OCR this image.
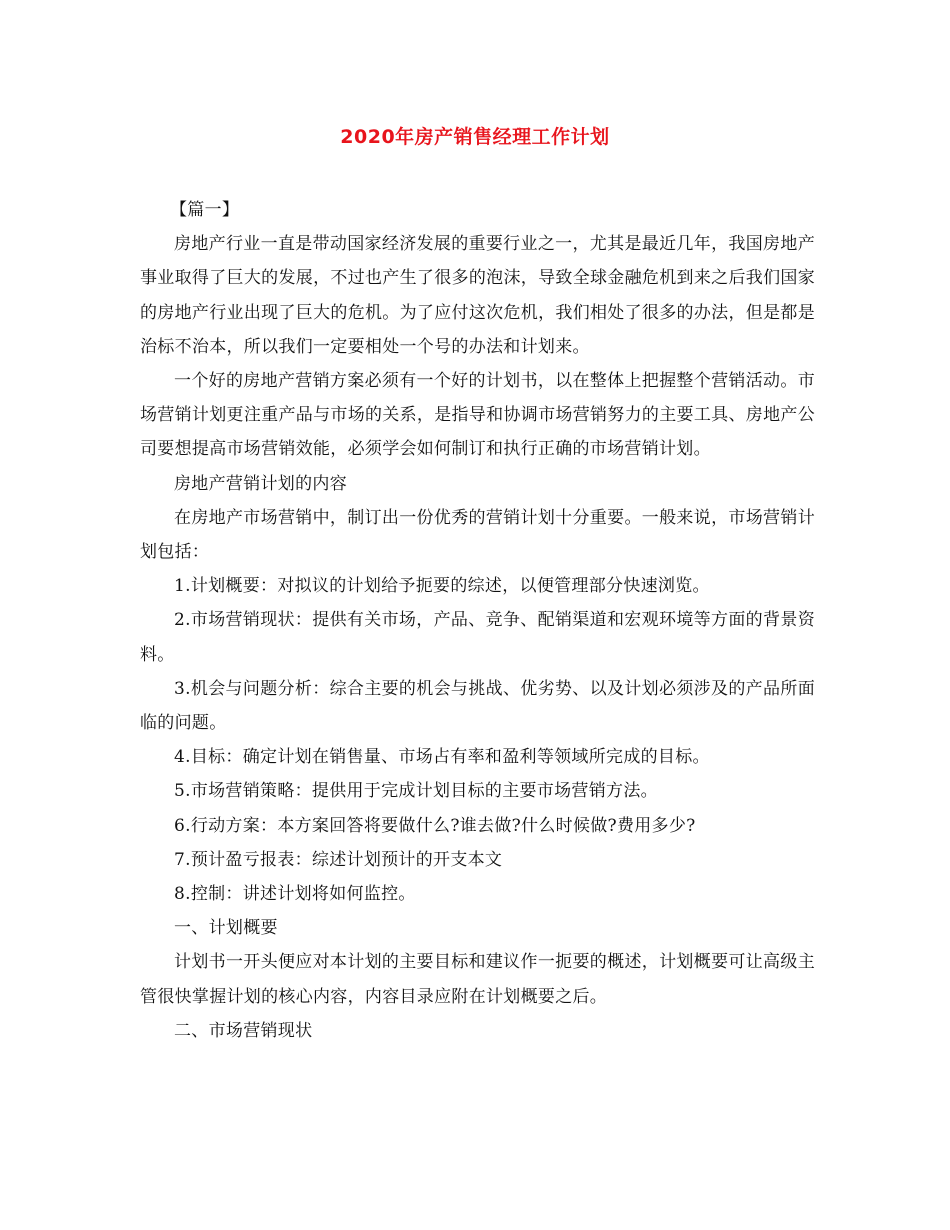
2020年房产销售经理工作计划

【篇一】

房地产行业一直是带动国家经济发展的重要行业之一，尤其是最近几年，我国房地产事业取得了巨大的发展，不过也产生了很多的泡沫，导致全球金融危机到来之后我们国家的房地产行业出现了巨大的危机。为了应付这次危机，我们相处了很多的办法，但是都是治标不治本，所以我们一定要相处一个号的办法和计划来。

一个好的房地产营销方案必须有一个好的计划书，以在整体上把握整个营销活动。市场营销计划更注重产品与市场的关系，是指导和协调市场营销努力的主要工具、房地产公司要想提高市场营销效能，必须学会如何制订和执行正确的市场营销计划。

房地产营销计划的内容

在房地产市场营销中，制订出一份优秀的营销计划十分重要。一般来说，市场营销计划包括：

1.计划概要：对拟议的计划给予扼要的综述，以便管理部分快速浏览。

2.市场营销现状：提供有关市场，产品、竞争、配销渠道和宏观环境等方面的背景资料。

3.机会与问题分析：综合主要的机会与挑战、优劣势、以及计划必须涉及的产品所面临的问题。

4.目标：确定计划在销售量、市场占有率和盈利等领域所完成的目标。

5.市场营销策略：提供用于完成计划目标的主要市场营销方法。

6.行动方案：本方案回答将要做什么?谁去做?什么时候做?费用多少?

7.预计盈亏报表：综述计划预计的开支本文

8.控制：讲述计划将如何监控。

一、计划概要

计划书一开头便应对本计划的主要目标和建议作一扼要的概述，计划概要可让高级主管很快掌握计划的核心内容，内容目录应附在计划概要之后。

二、市场营销现状
